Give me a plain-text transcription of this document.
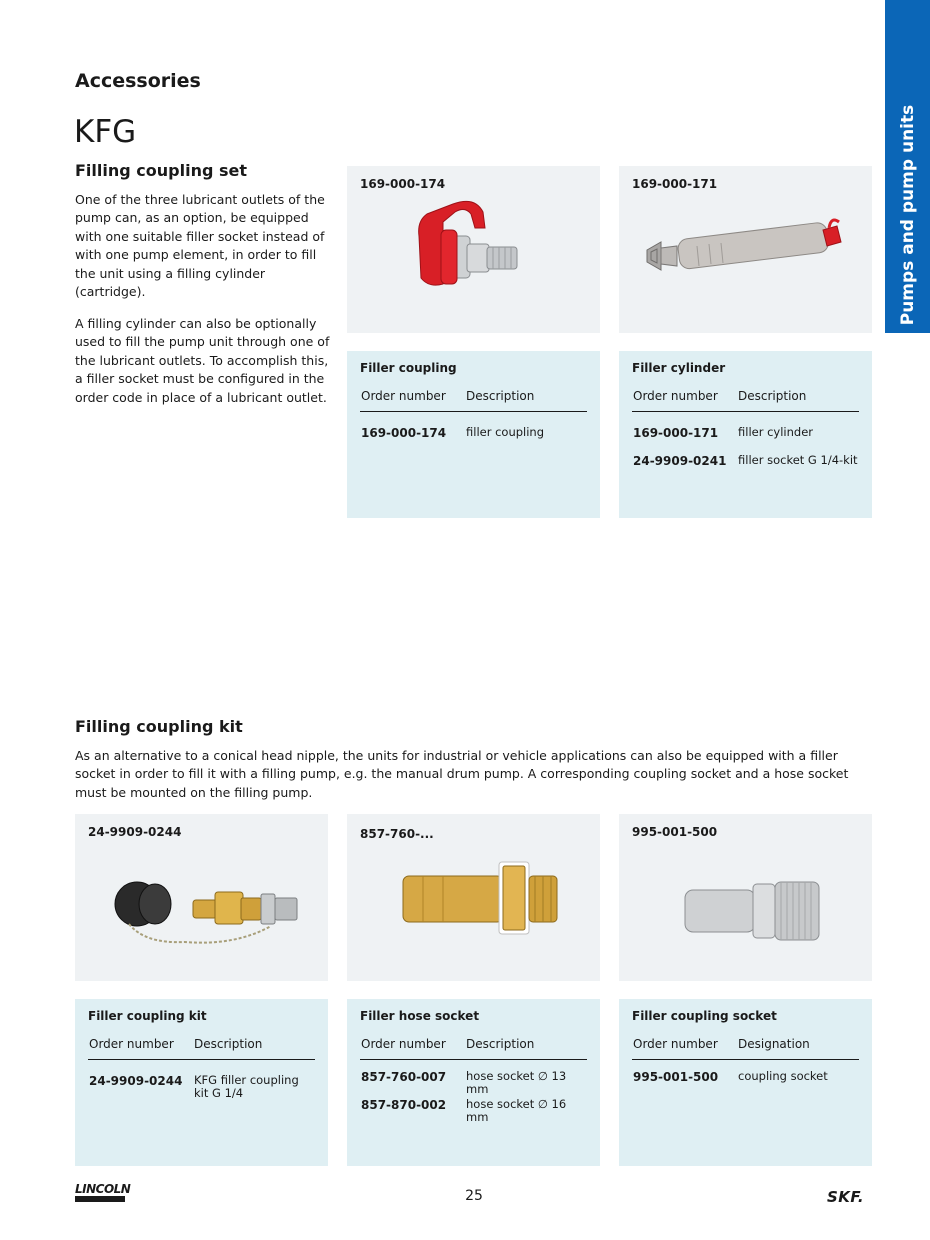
Accessories
KFG	Pumps and pump units
Filling coupling set
One of the three lubricant outlets of the pump can, as an option, be equipped with one suitable filler socket instead of with one pump element, in order to fill the unit using a filling cylinder (cartridge).
A filling cylinder can also be optionally used to fill the pump unit through one of the lubricant outlets. To accomplish this, a filler socket must be configured in the order code in place of a lubricant outlet.
169-000-174	169-000-171
Filler coupling
Order number Description
169-000-174 filler coupling
Filler cylinder
Order number Description
169-000-171 filler cylinder
24-9909-0241 filler socket G 1/4-kit
Filling coupling kit
As an alternative to a conical head nipple, the units for industrial or vehicle applications can also be equipped with a filler socket in order to fill it with a filling pump, e.g. the manual drum pump. A corresponding coupling socket and a hose socket must be mounted on the filling pump.
24-9909-0244	857-760-...	995-001-500
Filler coupling kit
Order number Description
24-9909-0244 KFG filler coupling kit G 1/4
Filler hose socket
Order number Description
857-760-007 hose socket ∅ 13 mm
857-870-002 hose socket ∅ 16 mm
Filler coupling socket
Order number Designation
995-001-500 coupling socket
LINCOLN	25	SKF.
